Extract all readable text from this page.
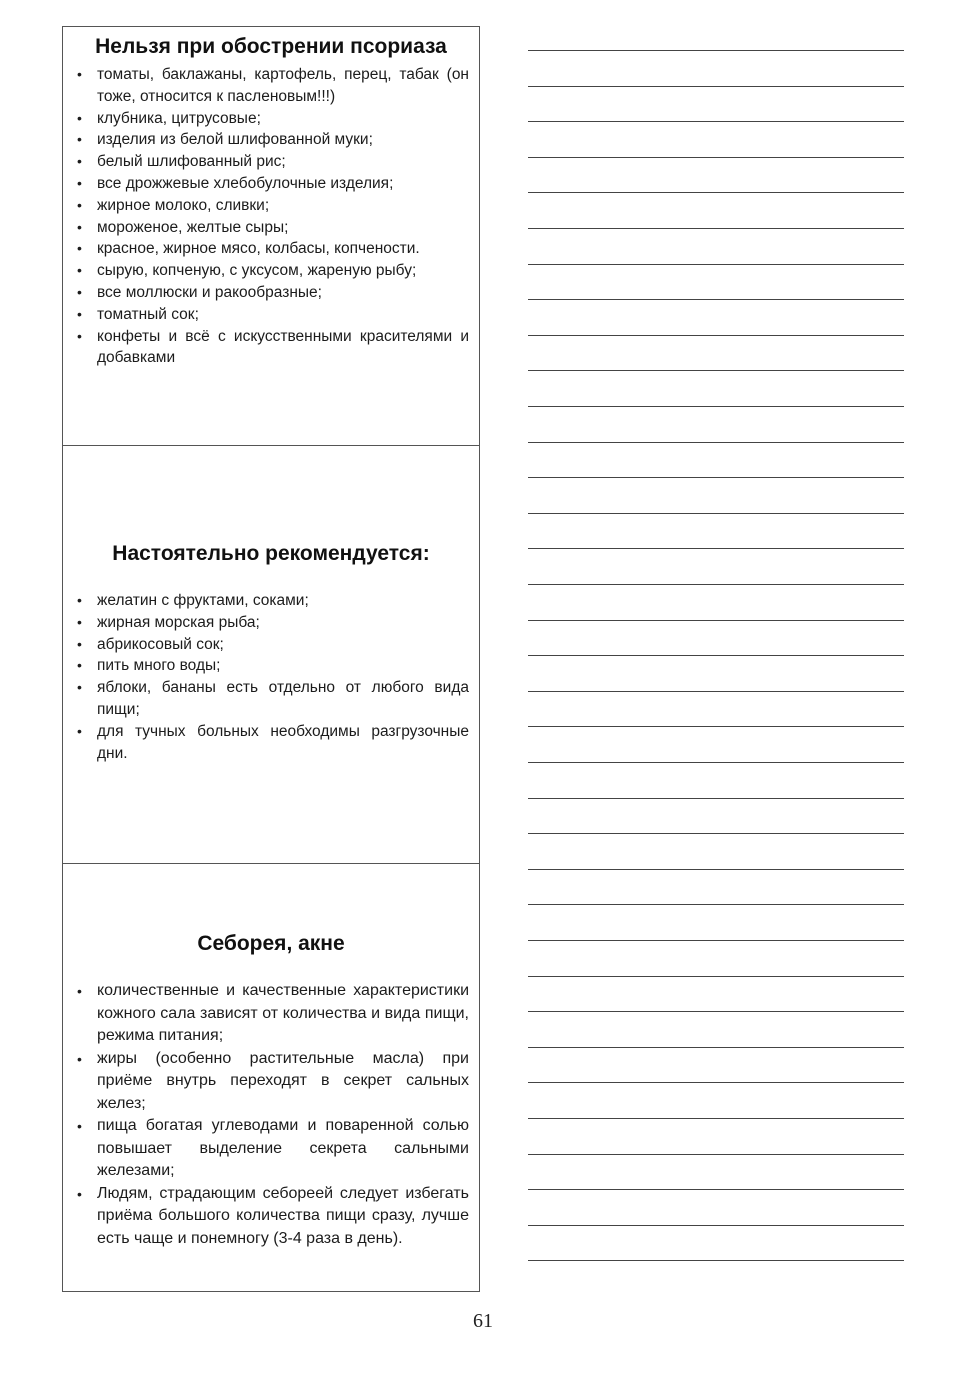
Нельзя при обострении псориаза
• томаты, баклажаны, картофель, перец, табак (он тоже, относится к пасленовым!!!)
• клубника, цитрусовые;
• изделия из белой шлифованной муки;
• белый шлифованный рис;
• все дрожжевые хлебобулочные изделия;
• жирное молоко, сливки;
• мороженое, желтые сыры;
• красное, жирное мясо, колбасы, копчености.
• сырую, копченую, с уксусом, жареную рыбу;
• все моллюски и ракообразные;
• томатный сок;
• конфеты и всё с искусственными красителями и добавками
Настоятельно рекомендуется:
• желатин с фруктами, соками;
• жирная морская рыба;
• абрикосовый сок;
• пить много воды;
• яблоки, бананы есть отдельно от любого вида пищи;
• для тучных больных необходимы разгрузочные дни.
Себорея, акне
• количественные и качественные характеристики кожного сала зависят от количества и вида пищи, режима питания;
• жиры (особенно растительные масла) при приёме внутрь переходят в секрет сальных желез;
• пища богатая углеводами и поваренной солью повышает выделение секрета сальными железами;
• Людям, страдающим себореей следует избегать приёма большого количества пищи сразу, лучше есть чаще и понемногу (3-4 раза в день).
61
